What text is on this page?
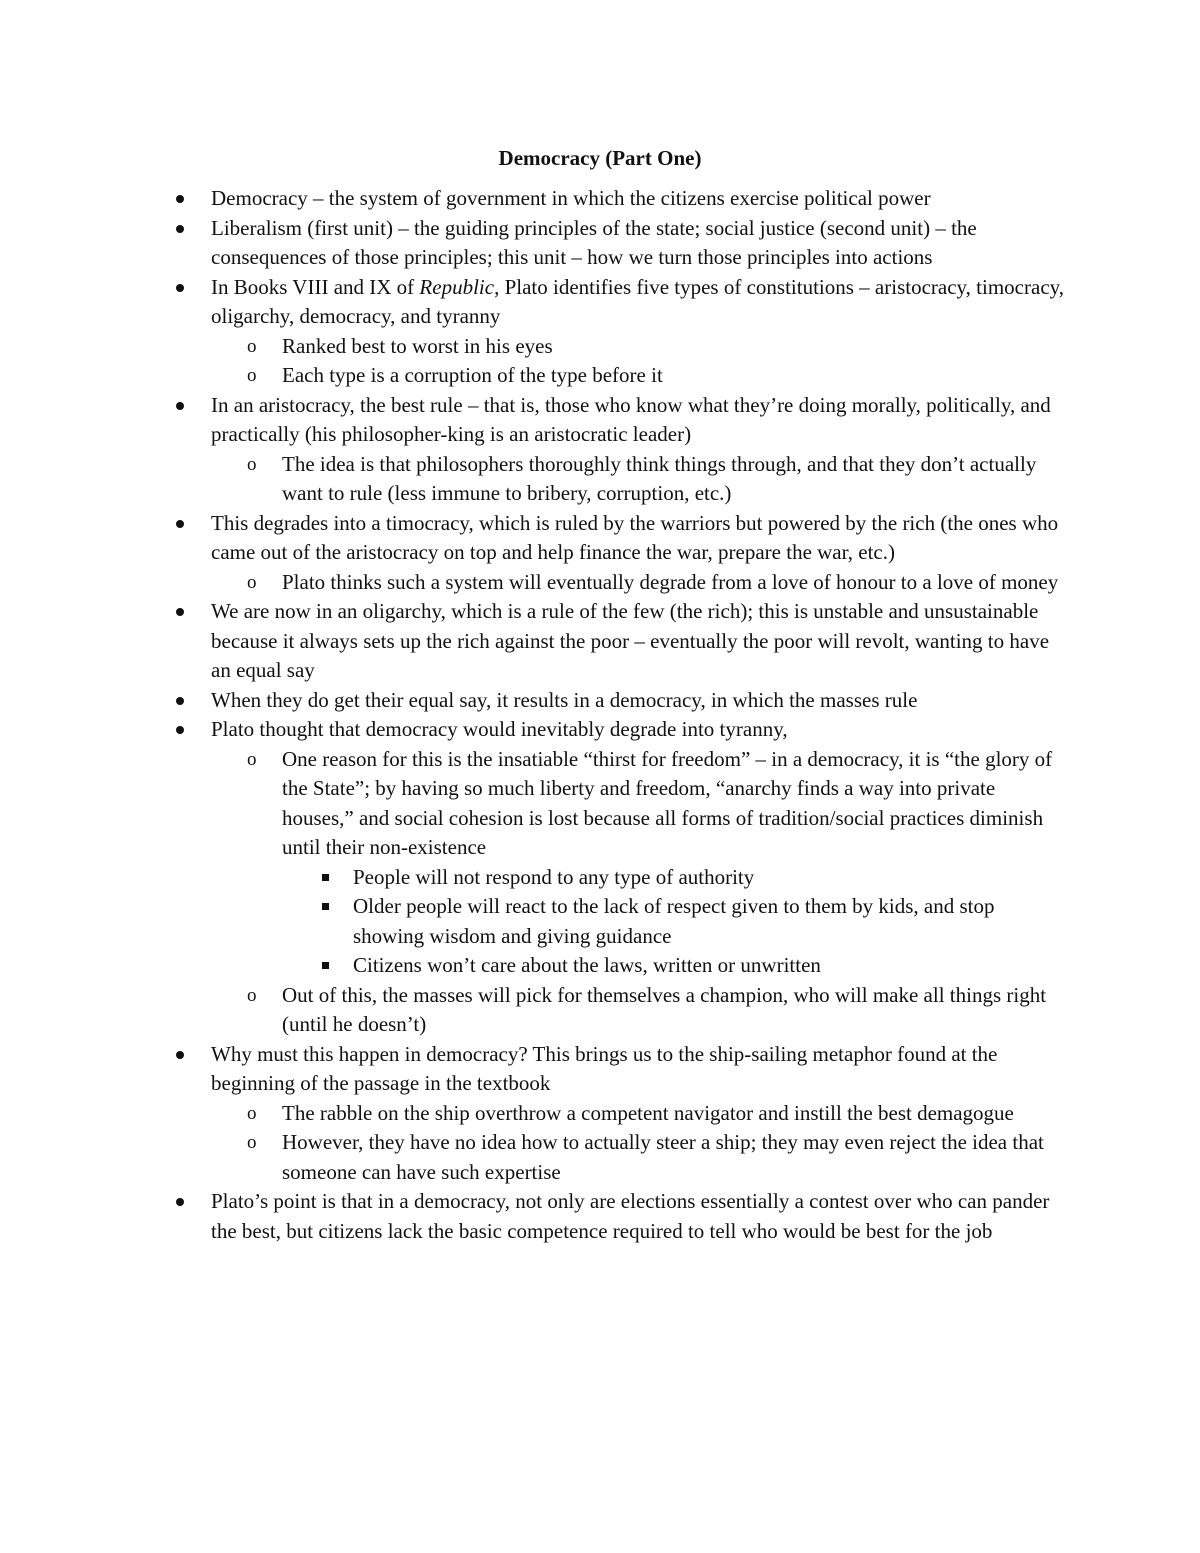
Democracy (Part One)
Democracy – the system of government in which the citizens exercise political power
Liberalism (first unit) – the guiding principles of the state; social justice (second unit) – the consequences of those principles; this unit – how we turn those principles into actions
In Books VIII and IX of Republic, Plato identifies five types of constitutions – aristocracy, timocracy, oligarchy, democracy, and tyranny
o Ranked best to worst in his eyes
o Each type is a corruption of the type before it
In an aristocracy, the best rule – that is, those who know what they’re doing morally, politically, and practically (his philosopher-king is an aristocratic leader)
o The idea is that philosophers thoroughly think things through, and that they don’t actually want to rule (less immune to bribery, corruption, etc.)
This degrades into a timocracy, which is ruled by the warriors but powered by the rich (the ones who came out of the aristocracy on top and help finance the war, prepare the war, etc.)
o Plato thinks such a system will eventually degrade from a love of honour to a love of money
We are now in an oligarchy, which is a rule of the few (the rich); this is unstable and unsustainable because it always sets up the rich against the poor – eventually the poor will revolt, wanting to have an equal say
When they do get their equal say, it results in a democracy, in which the masses rule
Plato thought that democracy would inevitably degrade into tyranny,
o One reason for this is the insatiable “thirst for freedom” – in a democracy, it is “the glory of the State”; by having so much liberty and freedom, “anarchy finds a way into private houses,” and social cohesion is lost because all forms of tradition/social practices diminish until their non-existence
People will not respond to any type of authority
Older people will react to the lack of respect given to them by kids, and stop showing wisdom and giving guidance
Citizens won’t care about the laws, written or unwritten
o Out of this, the masses will pick for themselves a champion, who will make all things right (until he doesn’t)
Why must this happen in democracy? This brings us to the ship-sailing metaphor found at the beginning of the passage in the textbook
o The rabble on the ship overthrow a competent navigator and instill the best demagogue
o However, they have no idea how to actually steer a ship; they may even reject the idea that someone can have such expertise
Plato’s point is that in a democracy, not only are elections essentially a contest over who can pander the best, but citizens lack the basic competence required to tell who would be best for the job
